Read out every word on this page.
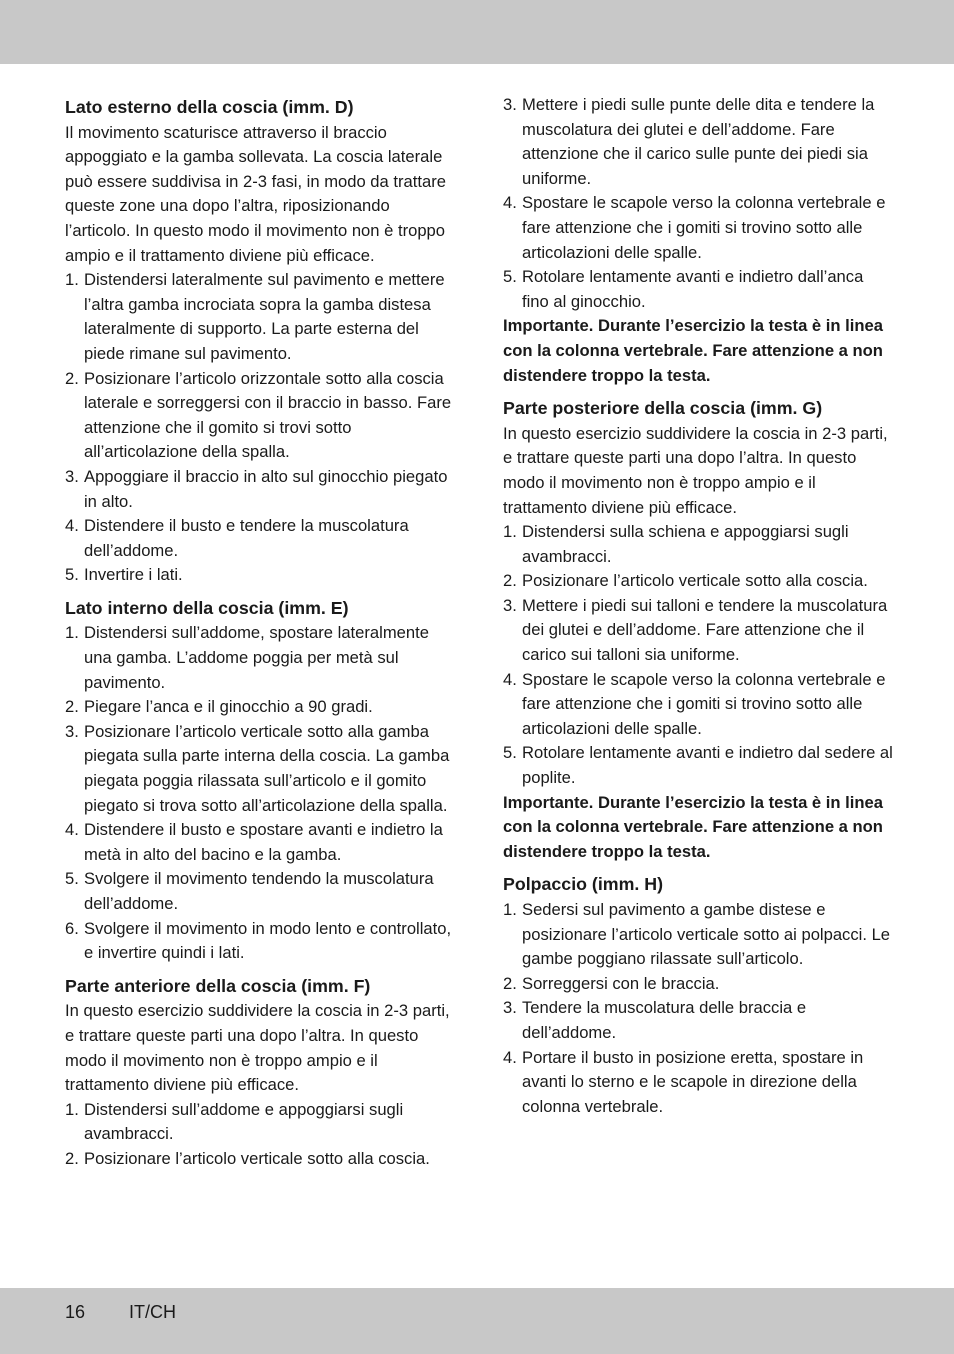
Lato esterno della coscia (imm. D)

Il movimento scaturisce attraverso il braccio appoggiato e la gamba sollevata. La coscia laterale può essere suddivisa in 2-3 fasi, in modo da trattare queste zone una dopo l’altra, riposizionando l’articolo. In questo modo il movimento non è troppo ampio e il trattamento diviene più efficace.

1. Distendersi lateralmente sul pavimento e mettere l’altra gamba incrociata sopra la gamba distesa lateralmente di supporto. La parte esterna del piede rimane sul pavimento.
2. Posizionare l’articolo orizzontale sotto alla coscia laterale e sorreggersi con il braccio in basso. Fare attenzione che il gomito si trovi sotto all’articolazione della spalla.
3. Appoggiare il braccio in alto sul ginocchio piegato in alto.
4. Distendere il busto e tendere la muscolatura dell’addome.
5. Invertire i lati.
Lato interno della coscia (imm. E)
1. Distendersi sull’addome, spostare lateralmente una gamba. L’addome poggia per metà sul pavimento.
2. Piegare l’anca e il ginocchio a 90 gradi.
3. Posizionare l’articolo verticale sotto alla gamba piegata sulla parte interna della coscia. La gamba piegata poggia rilassata sull’articolo e il gomito piegato si trova sotto all’articolazione della spalla.
4. Distendere il busto e spostare avanti e indietro la metà in alto del bacino e la gamba.
5. Svolgere il movimento tendendo la muscolatura dell’addome.
6. Svolgere il movimento in modo lento e controllato, e invertire quindi i lati.
Parte anteriore della coscia (imm. F)

In questo esercizio suddividere la coscia in 2-3 parti, e trattare queste parti una dopo l’altra. In questo modo il movimento non è troppo ampio e il trattamento diviene più efficace.

1. Distendersi sull’addome e appoggiarsi sugli avambracci.
2. Posizionare l’articolo verticale sotto alla coscia.
3. Mettere i piedi sulle punte delle dita e tendere la muscolatura dei glutei e dell’addome. Fare attenzione che il carico sulle punte dei piedi sia uniforme.
4. Spostare le scapole verso la colonna vertebrale e fare attenzione che i gomiti si trovino sotto alle articolazioni delle spalle.
5. Rotolare lentamente avanti e indietro dall’anca fino al ginocchio.

Importante. Durante l’esercizio la testa è in linea con la colonna vertebrale. Fare attenzione a non distendere troppo la testa.

Parte posteriore della coscia (imm. G)

In questo esercizio suddividere la coscia in 2-3 parti, e trattare queste parti una dopo l’altra. In questo modo il movimento non è troppo ampio e il trattamento diviene più efficace.

1. Distendersi sulla schiena e appoggiarsi sugli avambracci.
2. Posizionare l’articolo verticale sotto alla coscia.
3. Mettere i piedi sui talloni e tendere la muscolatura dei glutei e dell’addome. Fare attenzione che il carico sui talloni sia uniforme.
4. Spostare le scapole verso la colonna vertebrale e fare attenzione che i gomiti si trovino sotto alle articolazioni delle spalle.
5. Rotolare lentamente avanti e indietro dal sedere al poplite.

Importante. Durante l’esercizio la testa è in linea con la colonna vertebrale. Fare attenzione a non distendere troppo la testa.

Polpaccio (imm. H)
1. Sedersi sul pavimento a gambe distese e posizionare l’articolo verticale sotto ai polpacci. Le gambe poggiano rilassate sull’articolo.
2. Sorreggersi con le braccia.
3. Tendere la muscolatura delle braccia e dell’addome.
4. Portare il busto in posizione eretta, spostare in avanti lo sterno e le scapole in direzione della colonna vertebrale.
16 IT/CH
